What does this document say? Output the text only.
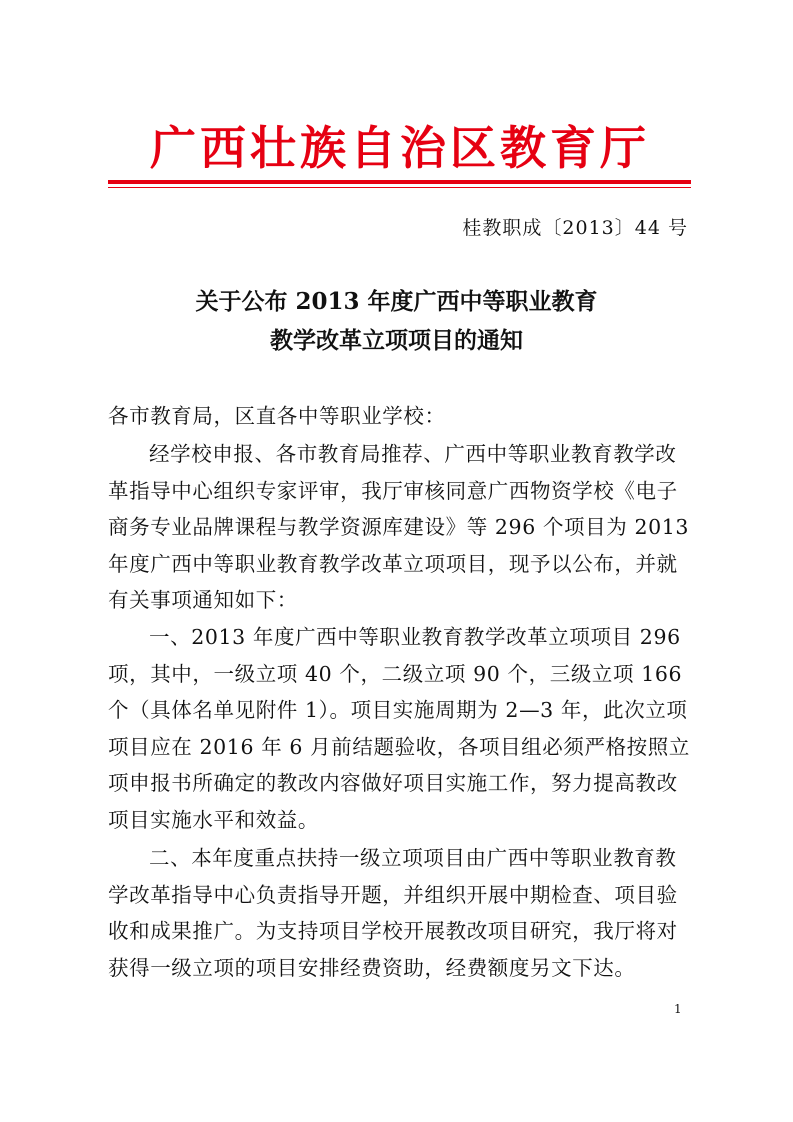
广西壮族自治区教育厅
桂教职成〔2013〕44 号
关于公布 2013 年度广西中等职业教育
教学改革立项项目的通知
各市教育局，区直各中等职业学校：

经学校申报、各市教育局推荐、广西中等职业教育教学改革指导中心组织专家评审，我厅审核同意广西物资学校《电子商务专业品牌课程与教学资源库建设》等 296 个项目为 2013 年度广西中等职业教育教学改革立项项目，现予以公布，并就有关事项通知如下：

一、2013 年度广西中等职业教育教学改革立项项目 296 项，其中，一级立项 40 个，二级立项 90 个，三级立项 166 个（具体名单见附件 1）。项目实施周期为 2—3 年，此次立项项目应在 2016 年 6 月前结题验收，各项目组必须严格按照立项申报书所确定的教改内容做好项目实施工作，努力提高教改项目实施水平和效益。

二、本年度重点扶持一级立项项目由广西中等职业教育教学改革指导中心负责指导开题，并组织开展中期检查、项目验收和成果推广。为支持项目学校开展教改项目研究，我厅将对获得一级立项的项目安排经费资助，经费额度另文下达。

1
